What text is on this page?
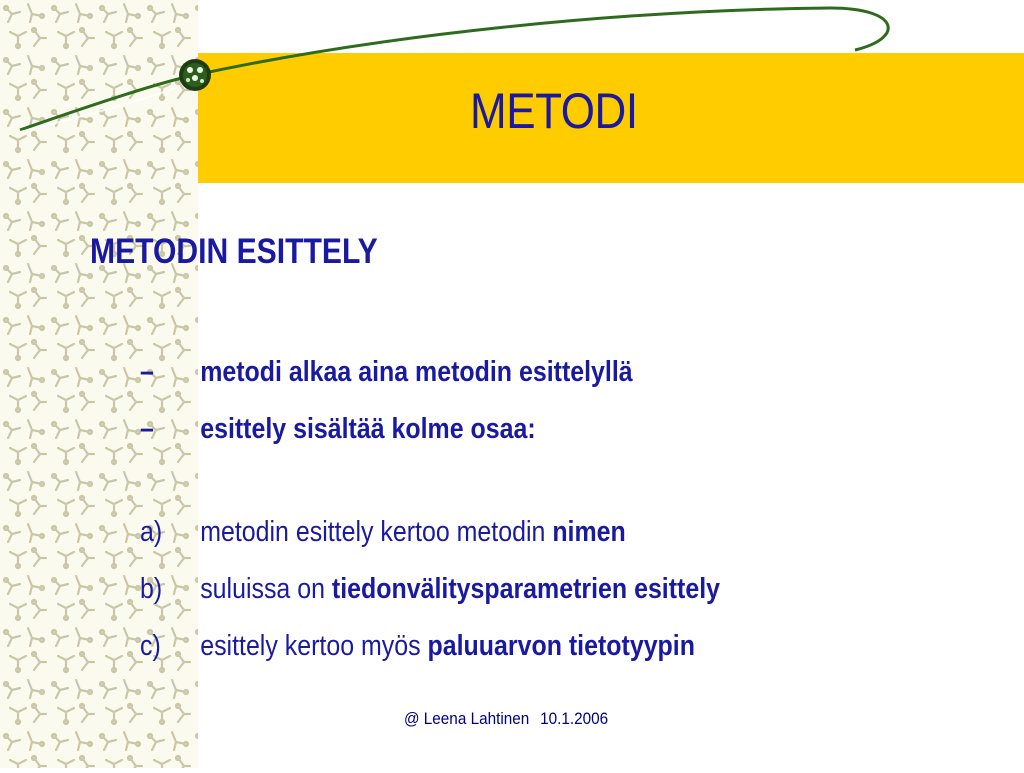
METODI
METODIN ESITTELY
– metodi alkaa aina metodin esittelyllä
– esittely sisältää kolme osaa:
a) metodin esittely kertoo metodin nimen
b) suluissa on tiedonvälitysparametrien esittely
c) esittely kertoo myös paluuarvon tietotyypin
@ Leena Lahtinen 10.1.2006
